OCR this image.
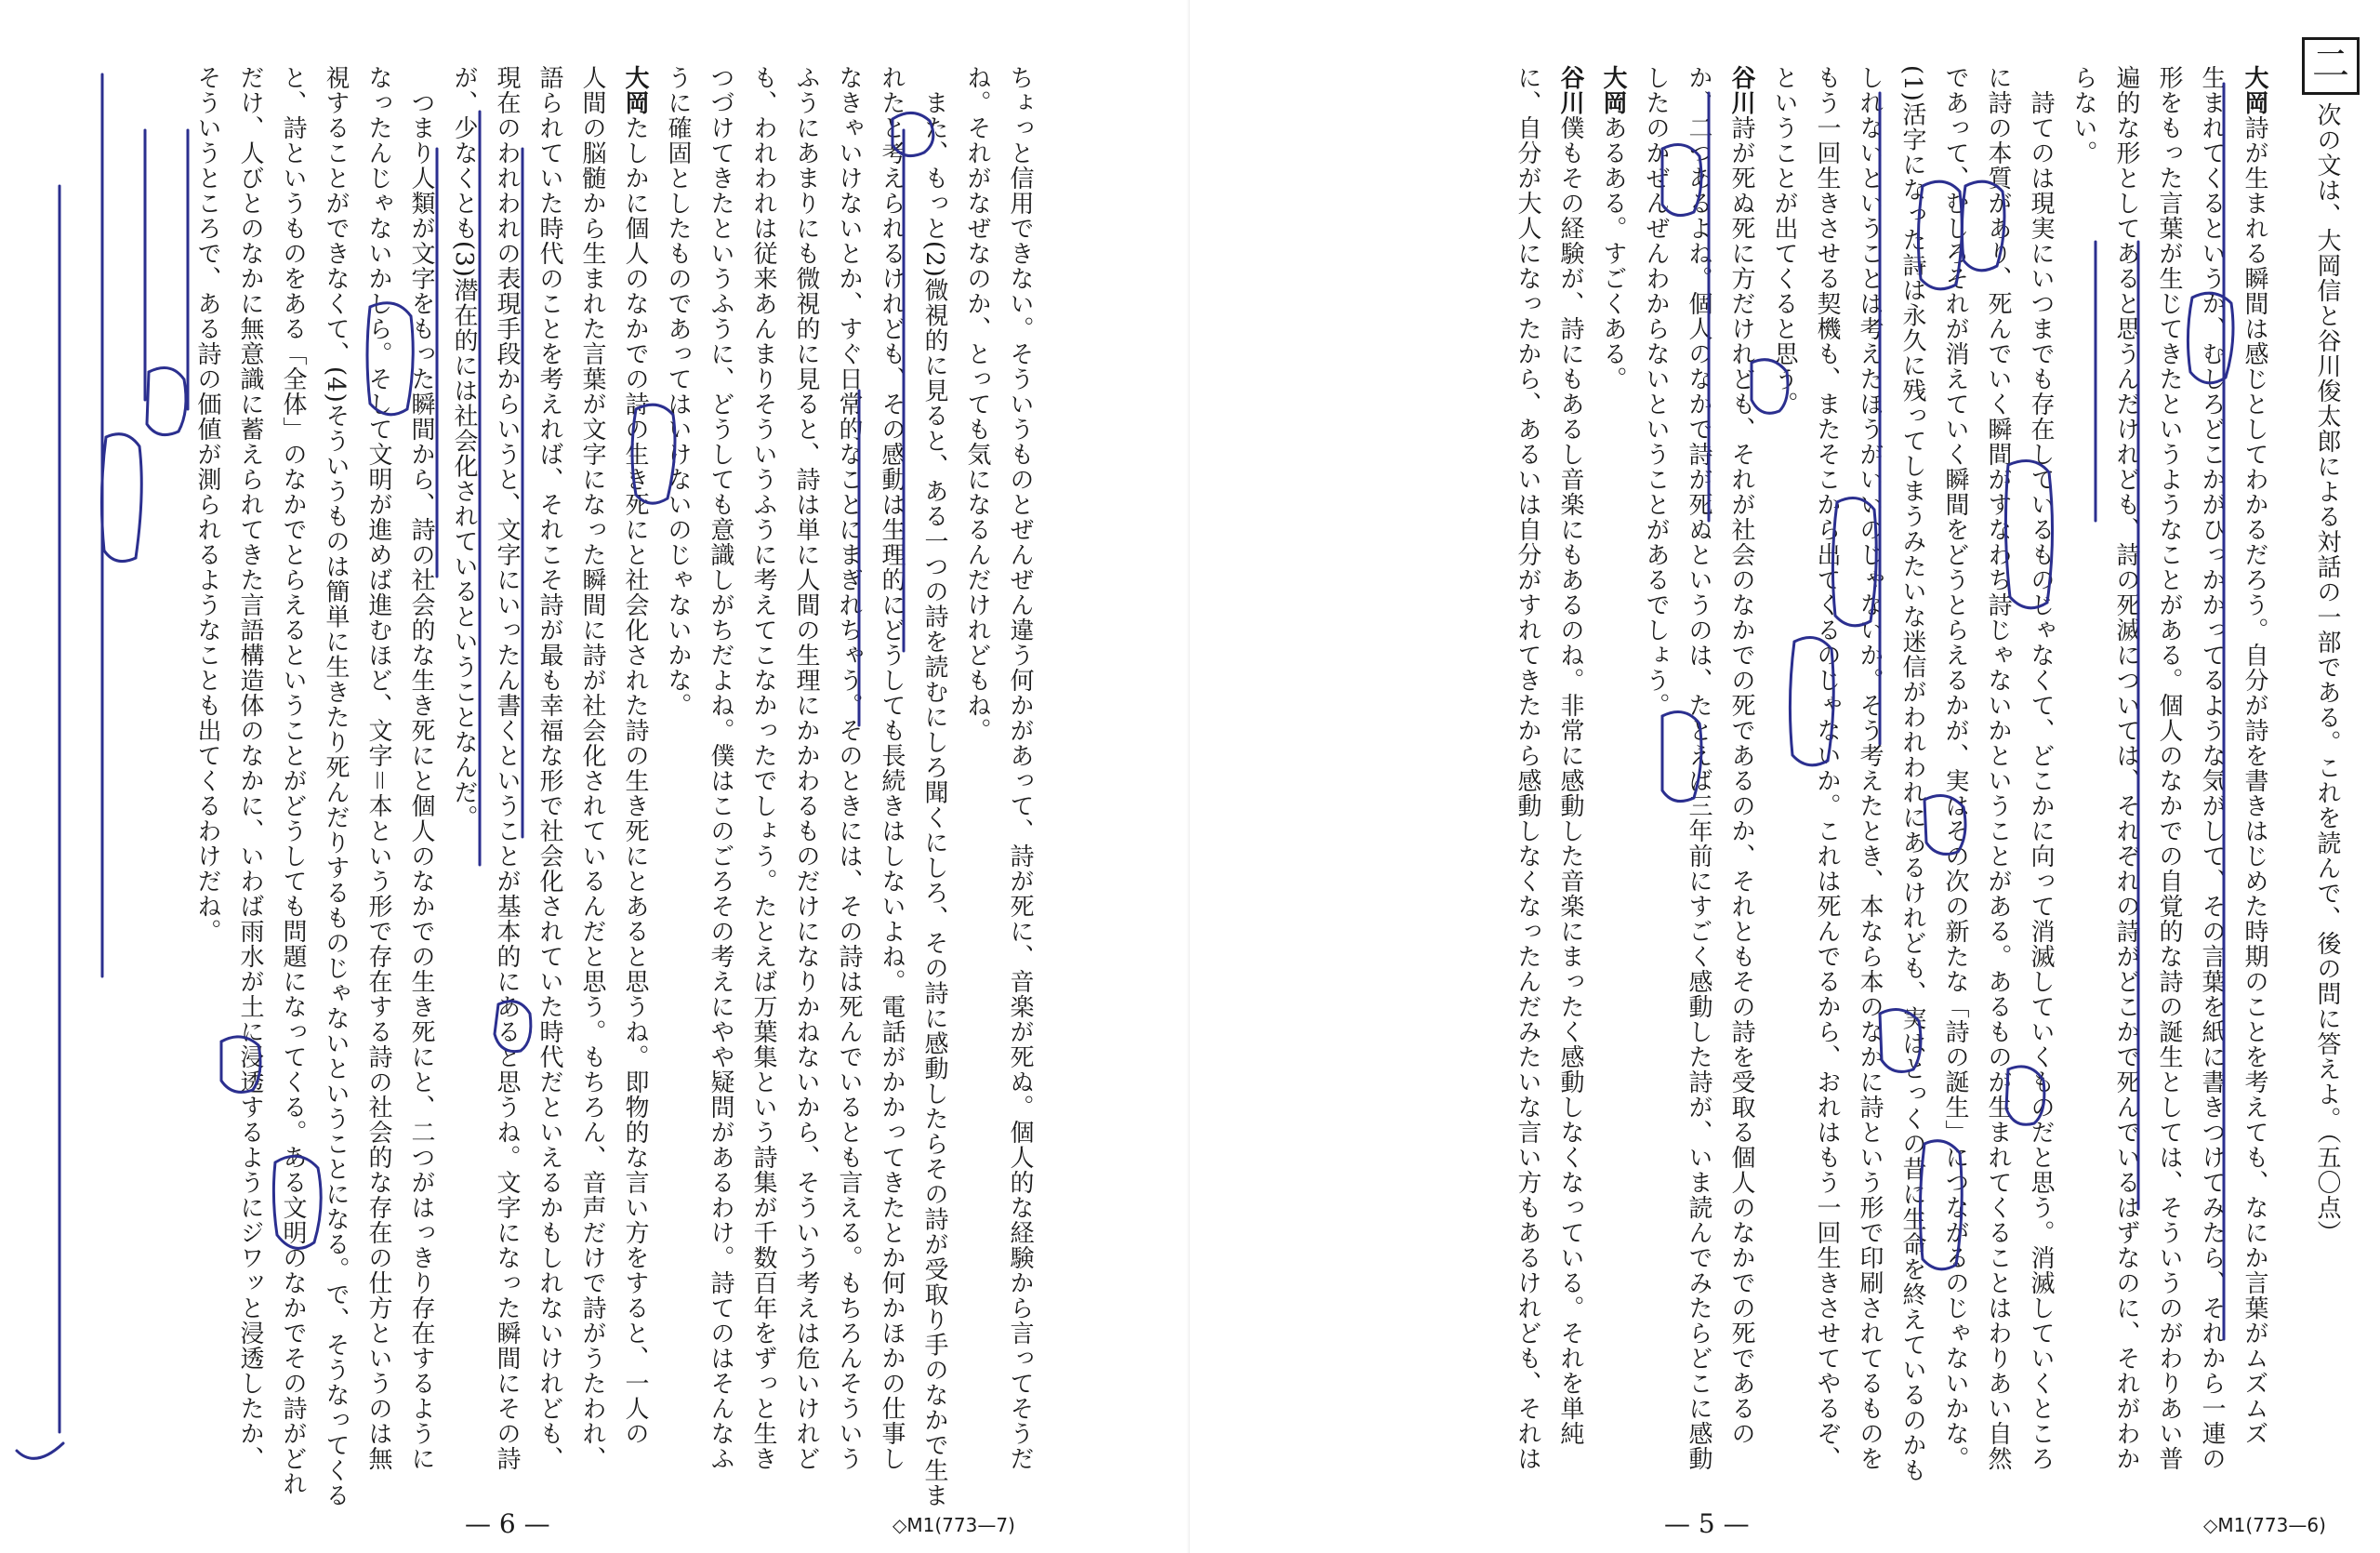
ちょっと信用できない。そういうものとぜんぜん違う何かがあって、詩が死に、音楽が死ぬ。個人的な経験から言ってそうだ
ね。それがなぜなのか、とっても気になるんだけれどもね。
　また、もっと(2)微視的に見ると、ある一つの詩を読むにしろ聞くにしろ、その詩に感動したらその詩が受取り手のなかで生ま
れたと考えられるけれども、その感動は生理的にどうしても長続きはしないよね。電話がかかってきたとか何かほかの仕事し
なきゃいけないとか、すぐ日常的なことにまぎれちゃう。そのときには、その詩は死んでいるとも言える。もちろんそういう
ふうにあまりにも微視的に見ると、詩は単に人間の生理にかかわるものだけになりかねないから、そういう考えは危いけれど
も、われわれは従来あんまりそういうふうに考えてこなかったでしょう。たとえば万葉集という詩集が千数百年をずっと生き
つづけてきたというふうに、どうしても意識しがちだよね。僕はこのごろその考えにやや疑問があるわけ。詩てのはそんなふ
うに確固としたものであってはいけないのじゃないかな。
大岡たしかに個人のなかでの詩の生き死にと社会化された詩の生き死にとあると思うね。即物的な言い方をすると、一人の
人間の脳髄から生まれた言葉が文字になった瞬間に詩が社会化されているんだと思う。もちろん、音声だけで詩がうたわれ、
語られていた時代のことを考えれば、それこそ詩が最も幸福な形で社会化されていた時代だといえるかもしれないけれども、
現在のわれわれの表現手段からいうと、文字にいったん書くということが基本的にあると思うね。文字になった瞬間にその詩
が、少なくとも(3)潜在的には社会化されているということなんだ。
　つまり人類が文字をもった瞬間から、詩の社会的な生き死にと個人のなかでの生き死にと、二つがはっきり存在するように
なったんじゃないかしら。そして文明が進めば進むほど、文字＝本という形で存在する詩の社会的な存在の仕方というのは無
視することができなくて、(4)そういうものは簡単に生きたり死んだりするものじゃないということになる。で、そうなってくる
と、詩というものをある「全体」のなかでとらえるということがどうしても問題になってくる。ある文明のなかでその詩がどれ
だけ、人びとのなかに無意識に蓄えられてきた言語構造体のなかに、いわば雨水が土に浸透するようにジワッと浸透したか、
そういうところで、ある詩の価値が測られるようなことも出てくるわけだね。
— 6 —	◇M1(773—7)
二
次の文は、大岡信と谷川俊太郎による対話の一部である。これを読んで、後の問に答えよ。（五〇点）
大岡詩が生まれる瞬間は感じとしてわかるだろう。自分が詩を書きはじめた時期のことを考えても、なにか言葉がムズムズ
生まれてくるというか、むしろどこかがひっかかってるような気がして、その言葉を紙に書きつけてみたら、それから一連の
形をもった言葉が生じてきたというようなことがある。個人のなかでの自覚的な詩の誕生としては、そういうのがわりあい普
遍的な形としてあると思うんだけれども、詩の死滅については、それぞれの詩がどこかで死んでいるはずなのに、それがわか
らない。
　詩てのは現実にいつまでも存在しているものじゃなくて、どこかに向って消滅していくものだと思う。消滅していくところ
に詩の本質があり、死んでいく瞬間がすなわち詩じゃないかということがある。あるものが生まれてくることはわりあい自然
であって、むしろそれが消えていく瞬間をどうとらえるかが、実はその次の新たな「詩の誕生」につながるのじゃないかな。
(1)活字になった詩は永久に残ってしまうみたいな迷信がわれわれにあるけれども、実はとっくの昔に生命を終えているのかも
しれないということは考えたほうがいいのじゃないか。そう考えたとき、本なら本のなかに詩という形で印刷されてるものを
もう一回生きさせる契機も、またそこから出てくるのじゃないか。これは死んでるから、おれはもう一回生きさせてやるぞ、
ということが出てくると思う。
谷川詩が死ぬ死に方だけれども、それが社会のなかでの死であるのか、それともその詩を受取る個人のなかでの死であるの
か、二つあるよね。個人のなかで詩が死ぬというのは、たとえば三年前にすごく感動した詩が、いま読んでみたらどこに感動
したのかぜんぜんわからないということがあるでしょう。
大岡あるある。すごくある。
谷川僕もその経験が、詩にもあるし音楽にもあるのね。非常に感動した音楽にまったく感動しなくなっている。それを単純
に、自分が大人になったから、あるいは自分がすれてきたから感動しなくなったんだみたいな言い方もあるけれども、それは
— 5 —	◇M1(773—6)
